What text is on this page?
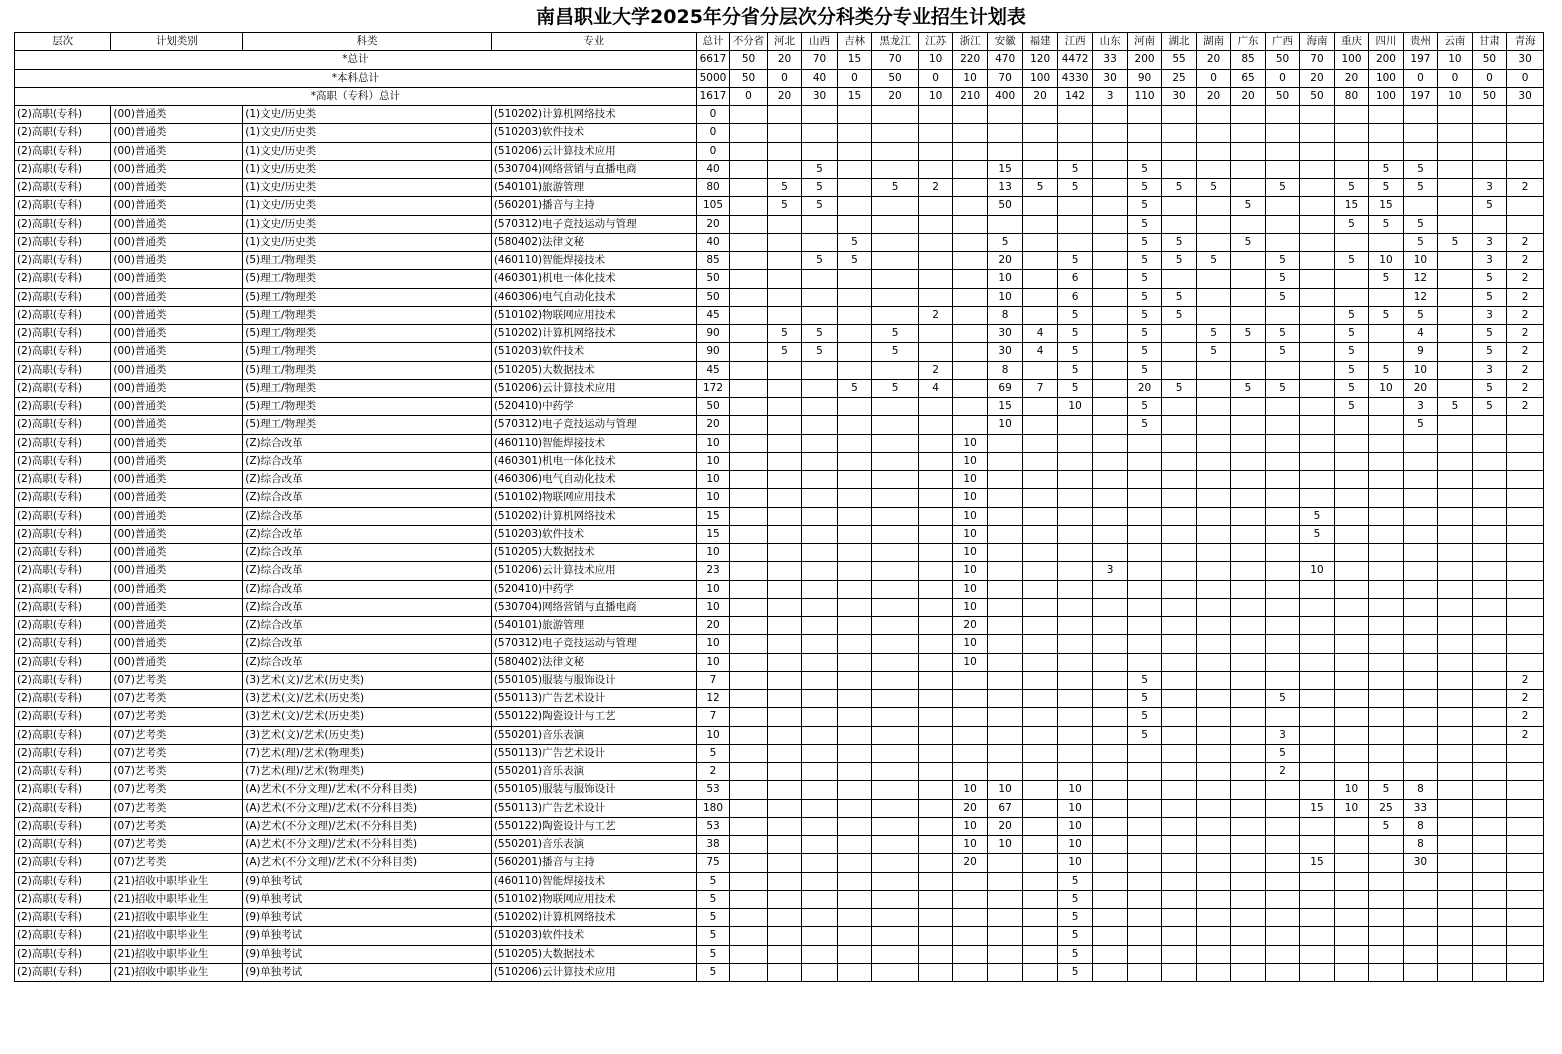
南昌职业大学2025年分省分层次分科类分专业招生计划表
层次	计划类别	科类	专业	总计	不分省	河北	山西	吉林	黑龙江	江苏	浙江	安徽	福建	江西	山东	河南	湖北	湖南	广东	广西	海南	重庆	四川	贵州	云南	甘肃	青海
*总计				6617	50	20	70	15	70	10	220	470	120	4472	33	200	55	20	85	50	70	100	200	197	10	50	30
*本科总计				5000	50	0	40	0	50	0	10	70	100	4330	30	90	25	0	65	0	20	20	100	0	0	0	0
*高职（专科）总计				1617	0	20	30	15	20	10	210	400	20	142	3	110	30	20	20	50	50	80	100	197	10	50	30
(2)高职(专科)	(00)普通类	(1)文史/历史类	(510202)计算机网络技术	0																							
(2)高职(专科)	(00)普通类	(1)文史/历史类	(510203)软件技术	0																							
(2)高职(专科)	(00)普通类	(1)文史/历史类	(510206)云计算技术应用	0																							
(2)高职(专科)	(00)普通类	(1)文史/历史类	(530704)网络营销与直播电商	40			5					15		5		5							5	5			
(2)高职(专科)	(00)普通类	(1)文史/历史类	(540101)旅游管理	80		5	5		5	2		13	5	5		5	5	5		5		5	5	5		3	2
(2)高职(专科)	(00)普通类	(1)文史/历史类	(560201)播音与主持	105		5	5					50				5			5			15	15			5	
(2)高职(专科)	(00)普通类	(1)文史/历史类	(570312)电子竞技运动与管理	20												5						5	5	5			
(2)高职(专科)	(00)普通类	(1)文史/历史类	(580402)法律文秘	40				5				5				5	5		5					5	5	3	2
(2)高职(专科)	(00)普通类	(5)理工/物理类	(460110)智能焊接技术	85			5	5				20		5		5	5	5		5		5	10	10		3	2
(2)高职(专科)	(00)普通类	(5)理工/物理类	(460301)机电一体化技术	50								10		6		5				5			5	12		5	2
(2)高职(专科)	(00)普通类	(5)理工/物理类	(460306)电气自动化技术	50								10		6		5	5			5				12		5	2
(2)高职(专科)	(00)普通类	(5)理工/物理类	(510102)物联网应用技术	45						2		8		5		5	5					5	5	5		3	2
(2)高职(专科)	(00)普通类	(5)理工/物理类	(510202)计算机网络技术	90		5	5		5			30	4	5		5		5	5	5		5		4		5	2
(2)高职(专科)	(00)普通类	(5)理工/物理类	(510203)软件技术	90		5	5		5			30	4	5		5		5		5		5		9		5	2
(2)高职(专科)	(00)普通类	(5)理工/物理类	(510205)大数据技术	45						2		8		5		5						5	5	10		3	2
(2)高职(专科)	(00)普通类	(5)理工/物理类	(510206)云计算技术应用	172				5	5	4		69	7	5		20	5		5	5		5	10	20		5	2
(2)高职(专科)	(00)普通类	(5)理工/物理类	(520410)中药学	50								15		10		5						5		3	5	5	2
(2)高职(专科)	(00)普通类	(5)理工/物理类	(570312)电子竞技运动与管理	20								10				5								5			
(2)高职(专科)	(00)普通类	(Z)综合改革	(460110)智能焊接技术	10							10																
(2)高职(专科)	(00)普通类	(Z)综合改革	(460301)机电一体化技术	10							10																
(2)高职(专科)	(00)普通类	(Z)综合改革	(460306)电气自动化技术	10							10																
(2)高职(专科)	(00)普通类	(Z)综合改革	(510102)物联网应用技术	10							10																
(2)高职(专科)	(00)普通类	(Z)综合改革	(510202)计算机网络技术	15							10										5						
(2)高职(专科)	(00)普通类	(Z)综合改革	(510203)软件技术	15							10										5						
(2)高职(专科)	(00)普通类	(Z)综合改革	(510205)大数据技术	10							10																
(2)高职(专科)	(00)普通类	(Z)综合改革	(510206)云计算技术应用	23							10				3						10						
(2)高职(专科)	(00)普通类	(Z)综合改革	(520410)中药学	10							10																
(2)高职(专科)	(00)普通类	(Z)综合改革	(530704)网络营销与直播电商	10							10																
(2)高职(专科)	(00)普通类	(Z)综合改革	(540101)旅游管理	20							20																
(2)高职(专科)	(00)普通类	(Z)综合改革	(570312)电子竞技运动与管理	10							10																
(2)高职(专科)	(00)普通类	(Z)综合改革	(580402)法律文秘	10							10																
(2)高职(专科)	(07)艺考类	(3)艺术(文)/艺术(历史类)	(550105)服装与服饰设计	7												5											2
(2)高职(专科)	(07)艺考类	(3)艺术(文)/艺术(历史类)	(550113)广告艺术设计	12												5				5							2
(2)高职(专科)	(07)艺考类	(3)艺术(文)/艺术(历史类)	(550122)陶瓷设计与工艺	7												5											2
(2)高职(专科)	(07)艺考类	(3)艺术(文)/艺术(历史类)	(550201)音乐表演	10												5				3							2
(2)高职(专科)	(07)艺考类	(7)艺术(理)/艺术(物理类)	(550113)广告艺术设计	5																5							
(2)高职(专科)	(07)艺考类	(7)艺术(理)/艺术(物理类)	(550201)音乐表演	2																2							
(2)高职(专科)	(07)艺考类	(A)艺术(不分文理)/艺术(不分科目类)	(550105)服装与服饰设计	53							10	10		10								10	5	8			
(2)高职(专科)	(07)艺考类	(A)艺术(不分文理)/艺术(不分科目类)	(550113)广告艺术设计	180							20	67		10							15	10	25	33			
(2)高职(专科)	(07)艺考类	(A)艺术(不分文理)/艺术(不分科目类)	(550122)陶瓷设计与工艺	53							10	20		10									5	8			
(2)高职(专科)	(07)艺考类	(A)艺术(不分文理)/艺术(不分科目类)	(550201)音乐表演	38							10	10		10										8			
(2)高职(专科)	(07)艺考类	(A)艺术(不分文理)/艺术(不分科目类)	(560201)播音与主持	75							20			10							15			30			
(2)高职(专科)	(21)招收中职毕业生	(9)单独考试	(460110)智能焊接技术	5										5													
(2)高职(专科)	(21)招收中职毕业生	(9)单独考试	(510102)物联网应用技术	5										5													
(2)高职(专科)	(21)招收中职毕业生	(9)单独考试	(510202)计算机网络技术	5										5													
(2)高职(专科)	(21)招收中职毕业生	(9)单独考试	(510203)软件技术	5										5													
(2)高职(专科)	(21)招收中职毕业生	(9)单独考试	(510205)大数据技术	5										5													
(2)高职(专科)	(21)招收中职毕业生	(9)单独考试	(510206)云计算技术应用	5										5													
